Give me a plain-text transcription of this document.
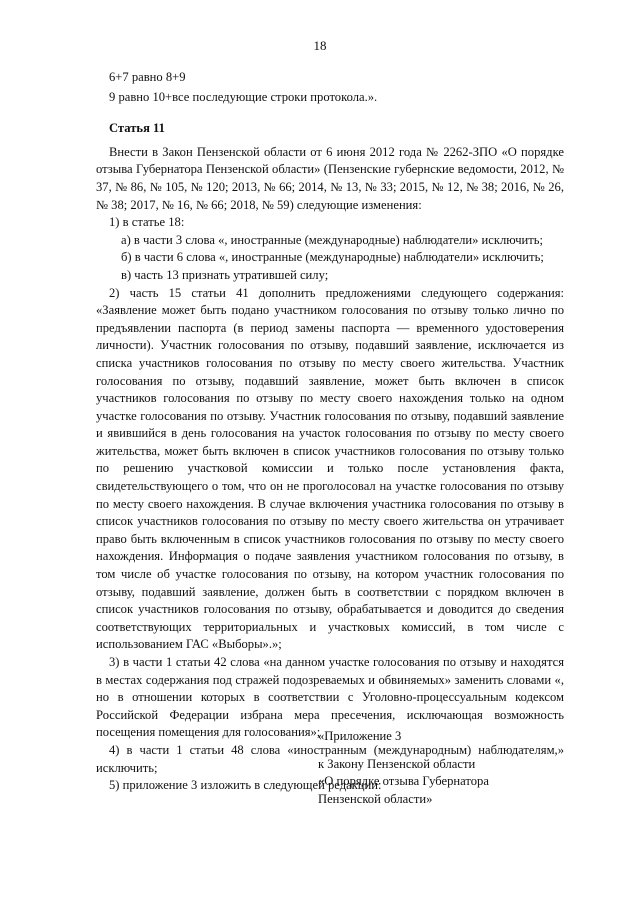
18

6+7 равно 8+9

9 равно 10+все последующие строки протокола.».

Статья 11

Внести в Закон Пензенской области от 6 июня 2012 года № 2262-ЗПО «О порядке отзыва Губернатора Пензенской области» (Пензенские губернские ведомости, 2012, № 37, № 86, № 105, № 120; 2013, № 66; 2014, № 13, № 33; 2015, № 12, № 38; 2016, № 26, № 38; 2017, № 16, № 66; 2018, № 59) следующие изменения:

1) в статье 18:

а) в части 3 слова «, иностранные (международные) наблюдатели» исключить;

б) в части 6 слова «, иностранные (международные) наблюдатели» исключить;

в) часть 13 признать утратившей силу;

2) часть 15 статьи 41 дополнить предложениями следующего содержания: «Заявление может быть подано участником голосования по отзыву только лично по предъявлении паспорта (в период замены паспорта — временного удостоверения личности). Участник голосования по отзыву, подавший заявление, исключается из списка участников голосования по отзыву по месту своего жительства. Участник голосования по отзыву, подавший заявление, может быть включен в список участников голосования по отзыву по месту своего нахождения только на одном участке голосования по отзыву. Участник голосования по отзыву, подавший заявление и явившийся в день голосования на участок голосования по отзыву по месту своего жительства, может быть включен в список участников голосования по отзыву только по решению участковой комиссии и только после установления факта, свидетельствующего о том, что он не проголосовал на участке голосования по отзыву по месту своего нахождения. В случае включения участника голосования по отзыву в список участников голосования по отзыву по месту своего жительства он утрачивает право быть включенным в список участников голосования по отзыву по месту своего нахождения. Информация о подаче заявления участником голосования по отзыву, в том числе об участке голосования по отзыву, на котором участник голосования по отзыву, подавший заявление, должен быть в соответствии с порядком включен в список участников голосования по отзыву, обрабатывается и доводится до сведения соответствующих территориальных и участковых комиссий, в том числе с использованием ГАС «Выборы».»;

3) в части 1 статьи 42 слова «на данном участке голосования по отзыву и находятся в местах содержания под стражей подозреваемых и обвиняемых» заменить словами «, но в отношении которых в соответствии с Уголовно-процессуальным кодексом Российской Федерации избрана мера пресечения, исключающая возможность посещения помещения для голосования»;

4) в части 1 статьи 48 слова «иностранным (международным) наблюдателям,» исключить;

5) приложение 3 изложить в следующей редакции:

«Приложение 3

к Закону Пензенской области

«О порядке отзыва Губернатора

Пензенской области»
